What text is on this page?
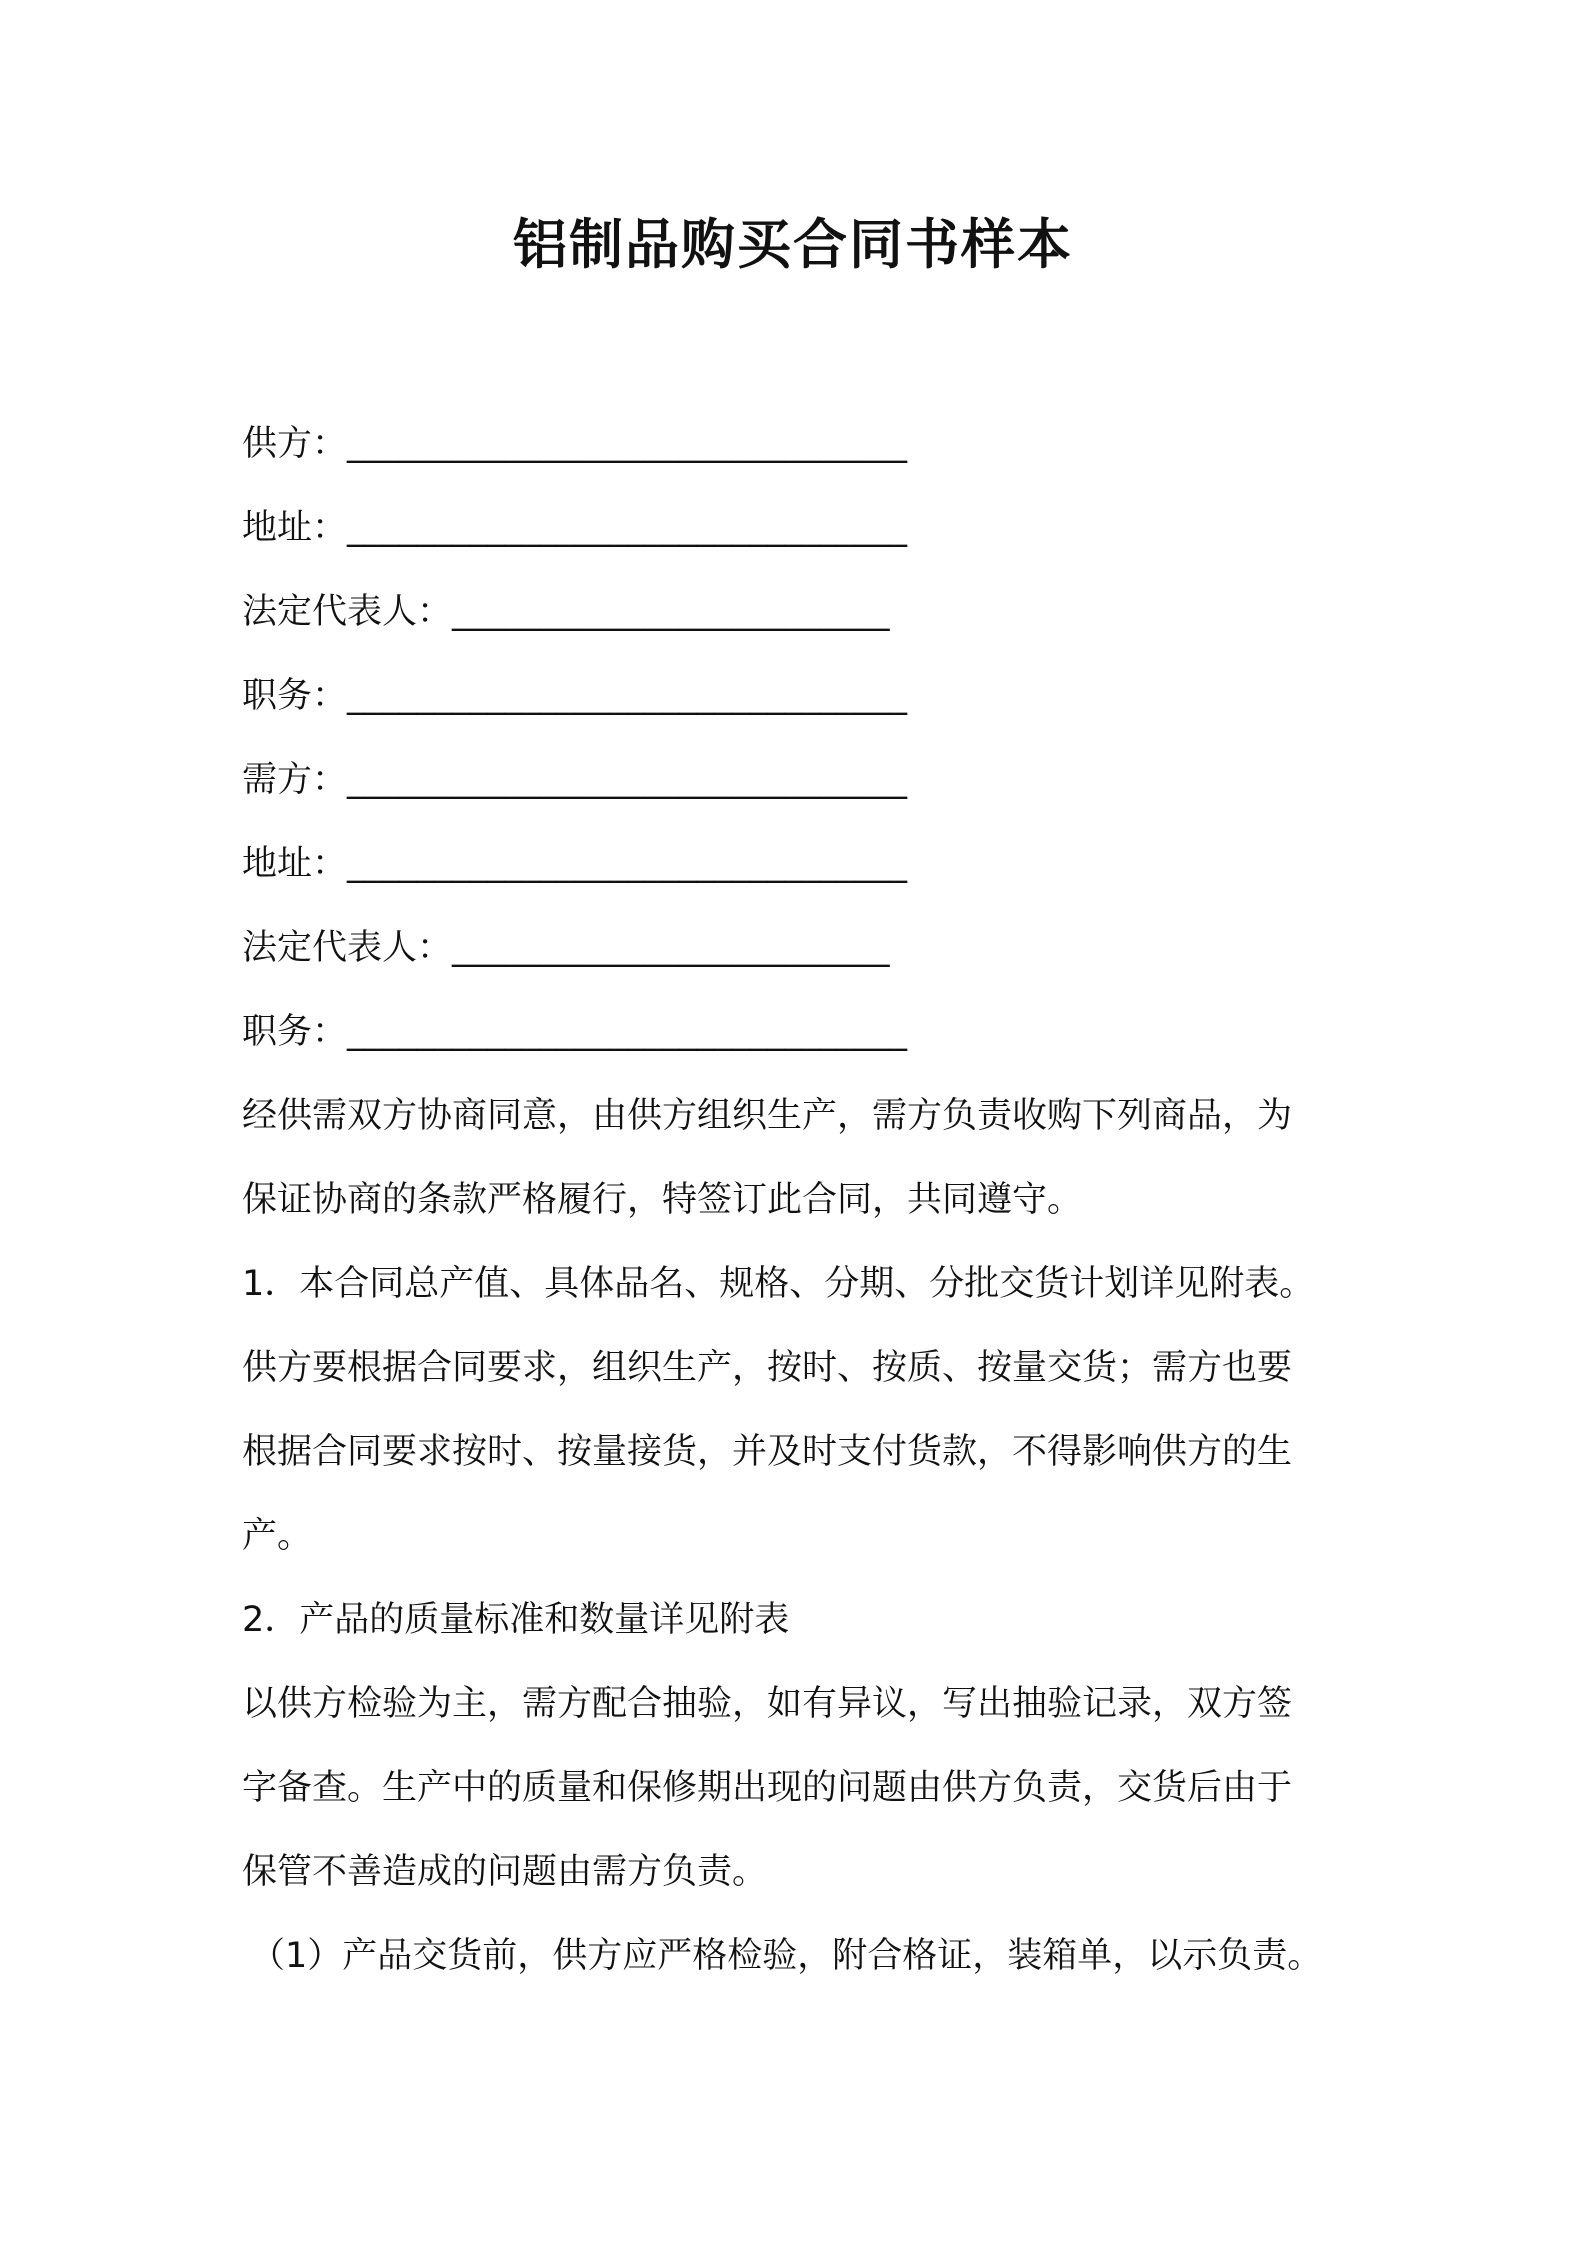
铝制品购买合同书样本
供方：________________________________
地址：________________________________
法定代表人：_________________________
职务：________________________________
需方：________________________________
地址：________________________________
法定代表人：_________________________
职务：________________________________
经供需双方协商同意，由供方组织生产，需方负责收购下列商品，为
保证协商的条款严格履行，特签订此合同，共同遵守。
1．本合同总产值、具体品名、规格、分期、分批交货计划详见附表。
供方要根据合同要求，组织生产，按时、按质、按量交货；需方也要
根据合同要求按时、按量接货，并及时支付货款，不得影响供方的生
产。
2．产品的质量标准和数量详见附表
以供方检验为主，需方配合抽验，如有异议，写出抽验记录，双方签
字备查。生产中的质量和保修期出现的问题由供方负责，交货后由于
保管不善造成的问题由需方负责。
（1）产品交货前，供方应严格检验，附合格证，装箱单，以示负责。
